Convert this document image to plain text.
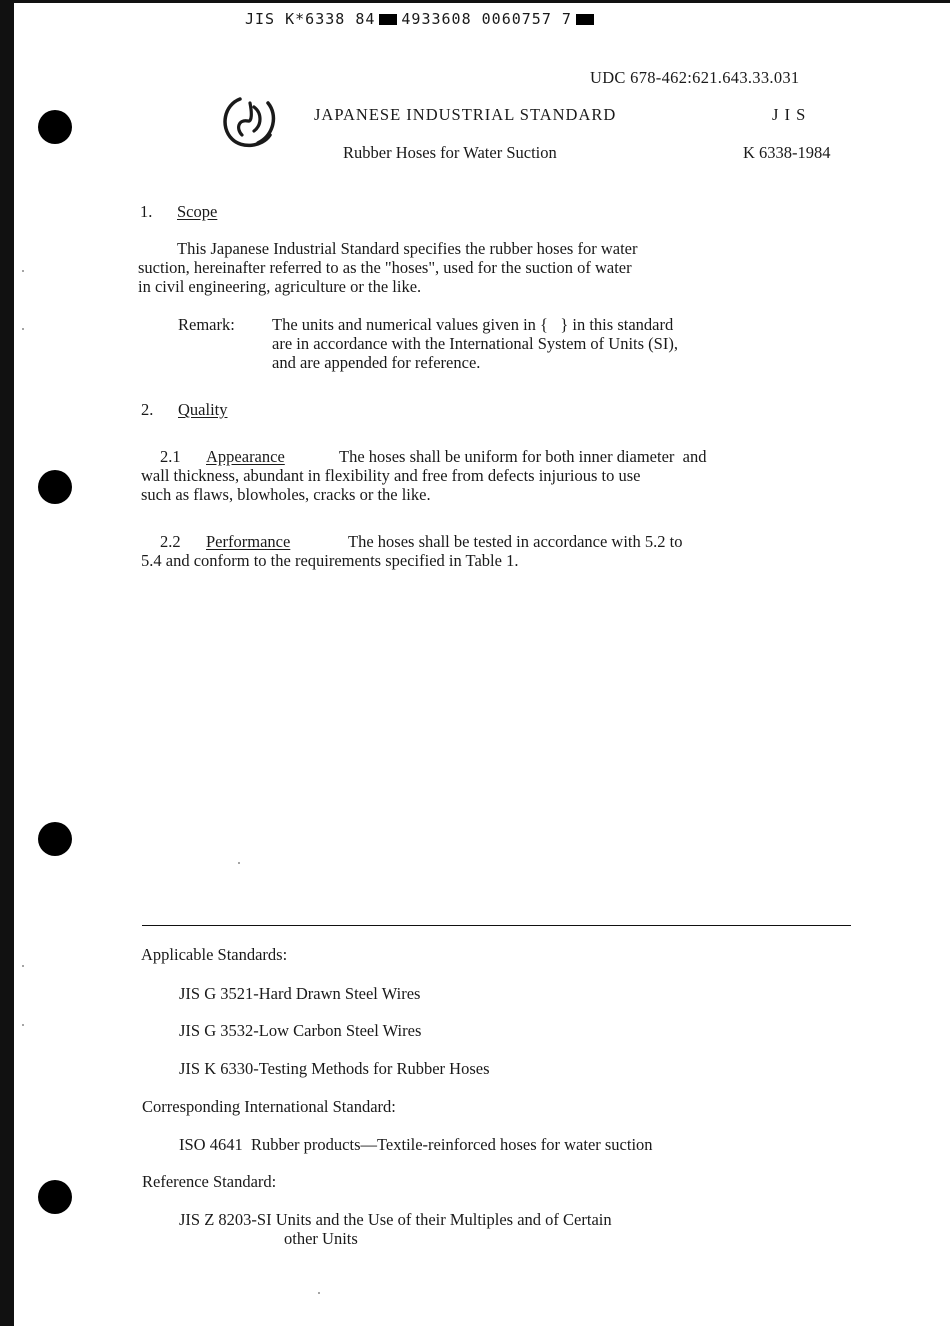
JIS K*6338 84 4933608 0060757 7
UDC 678-462:621.643.33.031
JAPANESE INDUSTRIAL STANDARD	J I S
Rubber Hoses for Water Suction	K 6338-1984
1. Scope
This Japanese Industrial Standard specifies the rubber hoses for water
suction, hereinafter referred to as the "hoses", used for the suction of water
in civil engineering, agriculture or the like.
Remark: The units and numerical values given in {   } in this standard
are in accordance with the International System of Units (SI),
and are appended for reference.
2. Quality
2.1 Appearance	The hoses shall be uniform for both inner diameter  and
wall thickness, abundant in flexibility and free from defects injurious to use
such as flaws, blowholes, cracks or the like.
2.2 Performance	The hoses shall be tested in accordance with 5.2 to
5.4 and conform to the requirements specified in Table 1.
Applicable Standards:
JIS G 3521-Hard Drawn Steel Wires
JIS G 3532-Low Carbon Steel Wires
JIS K 6330-Testing Methods for Rubber Hoses
Corresponding International Standard:
ISO 4641  Rubber products—Textile-reinforced hoses for water suction
Reference Standard:
JIS Z 8203-SI Units and the Use of their Multiples and of Certain
other Units
